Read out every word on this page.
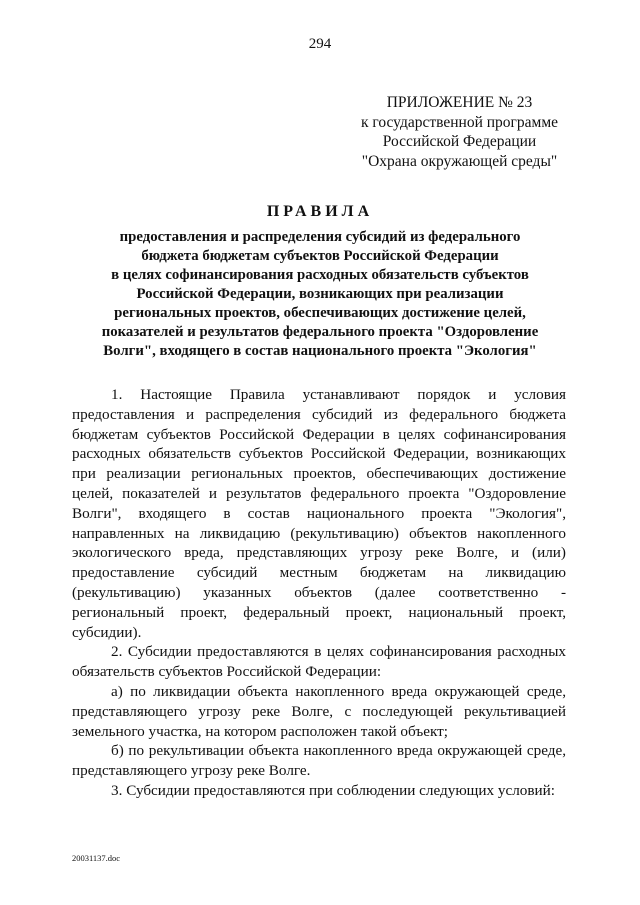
294
ПРИЛОЖЕНИЕ № 23
к государственной программе
Российской Федерации
"Охрана окружающей среды"
ПРАВИЛА
предоставления и распределения субсидий из федерального
бюджета бюджетам субъектов Российской Федерации
в целях софинансирования расходных обязательств субъектов
Российской Федерации, возникающих при реализации
региональных проектов, обеспечивающих достижение целей,
показателей и результатов федерального проекта "Оздоровление
Волги", входящего в состав национального проекта "Экология"

1. Настоящие Правила устанавливают порядок и условия предоставления и распределения субсидий из федерального бюджета бюджетам субъектов Российской Федерации в целях софинансирования расходных обязательств субъектов Российской Федерации, возникающих при реализации региональных проектов, обеспечивающих достижение целей, показателей и результатов федерального проекта "Оздоровление Волги", входящего в состав национального проекта "Экология", направленных на ликвидацию (рекультивацию) объектов накопленного экологического вреда, представляющих угрозу реке Волге, и (или) предоставление субсидий местным бюджетам на ликвидацию (рекультивацию) указанных объектов (далее соответственно - региональный проект, федеральный проект, национальный проект, субсидии).

2. Субсидии предоставляются в целях софинансирования расходных обязательств субъектов Российской Федерации:

а) по ликвидации объекта накопленного вреда окружающей среде, представляющего угрозу реке Волге, с последующей рекультивацией земельного участка, на котором расположен такой объект;

б) по рекультивации объекта накопленного вреда окружающей среде, представляющего угрозу реке Волге.

3. Субсидии предоставляются при соблюдении следующих условий:

20031137.doc
